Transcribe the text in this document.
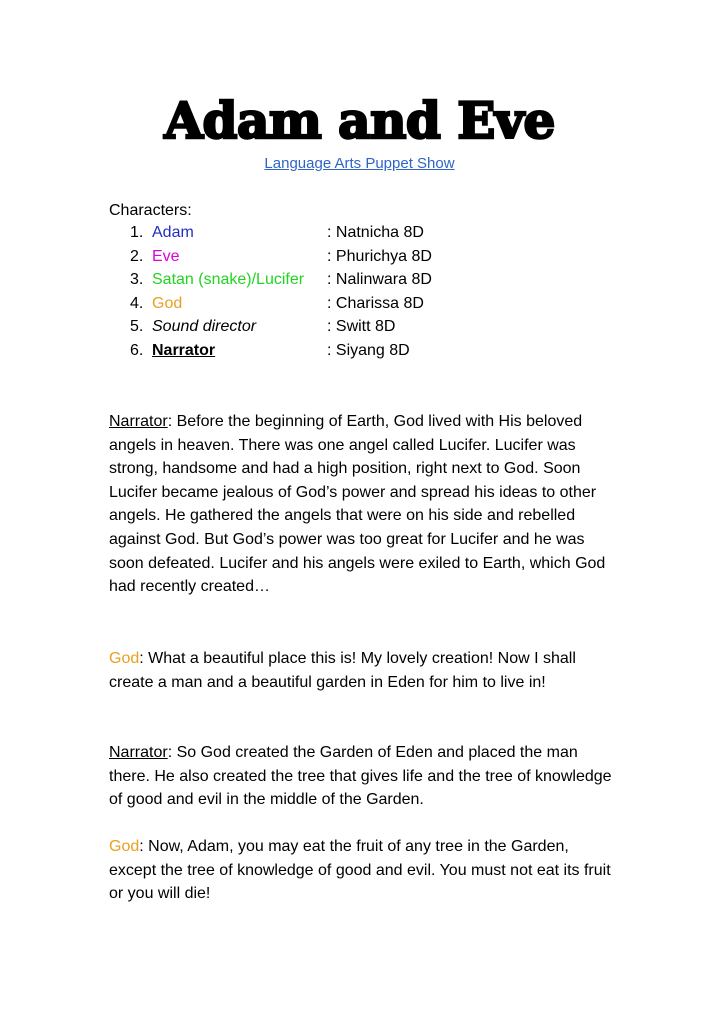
Adam and Eve
Language Arts Puppet Show
Characters:
1. Adam	: Natnicha 8D
2. Eve	: Phurichya 8D
3. Satan (snake)/Lucifer : Nalinwara 8D
4. God	: Charissa 8D
5. Sound director	: Switt 8D
6. Narrator	: Siyang 8D

Narrator: Before the beginning of Earth, God lived with His beloved angels in heaven. There was one angel called Lucifer. Lucifer was strong, handsome and had a high position, right next to God. Soon Lucifer became jealous of God’s power and spread his ideas to other angels. He gathered the angels that were on his side and rebelled against God. But God’s power was too great for Lucifer and he was soon defeated. Lucifer and his angels were exiled to Earth, which God had recently created…

God: What a beautiful place this is! My lovely creation! Now I shall create a man and a beautiful garden in Eden for him to live in!

Narrator: So God created the Garden of Eden and placed the man there. He also created the tree that gives life and the tree of knowledge of good and evil in the middle of the Garden.

God: Now, Adam, you may eat the fruit of any tree in the Garden, except the tree of knowledge of good and evil. You must not eat its fruit or you will die!
